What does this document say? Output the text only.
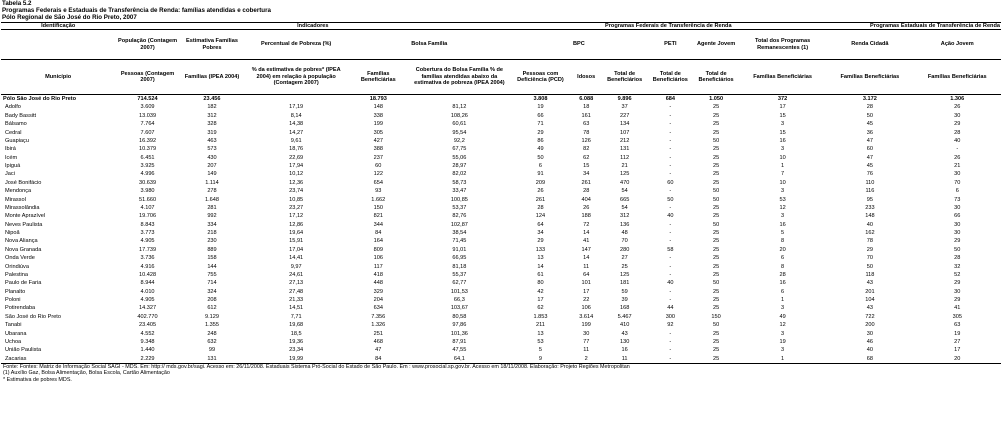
Tabela 5.2
Programas Federais e Estaduais de Transferência de Renda: famílias atendidas e cobertura
Pólo Regional de São José do Rio Preto, 2007
Identificação	Indicadores					Programas Federais de Transferência de Renda						Programas Estaduais de Transferência de Renda	
	População (Contagem 2007)	Estimativa Famílias Pobres	Percentual de Pobreza (%)	Bolsa Família		BPC			PETI	Agente Jovem	Total dos Programas Remanescentes (1)	Renda Cidadã	Ação Jovem
Município	Pessoas (Contagem 2007)	Famílias (IPEA 2004)	% da estimativa de pobres* (IPEA 2004) em relação à população (Contagem 2007)	Famílias Beneficiárias	Cobertura do Bolsa Família % de famílias atendidas abaixo da estimativa de pobreza (IPEA 2004)	Pessoas com Deficiência (PCD)	Idosos	Total de Beneficiários	Total de Beneficiários	Total de Beneficiários	Famílias Beneficiárias	Famílias Beneficiárias	Famílias Beneficiárias
Pólo São José do Rio Preto	714.524	23.456		18.793		3.808	6.088	9.896	684	1.050	372	3.172	1.306
Adolfo	3.609	182	17,19	148	81,12	19	18	37	-	25	17	28	26
Bady Bassitt	13.039	312	8,14	338	108,26	66	161	227	-	25	15	50	30
Bálsamo	7.764	328	14,38	199	60,61	71	63	134	-	25	3	45	29
Cedral	7.607	319	14,27	305	95,54	29	78	107	-	25	15	36	28
Guapiaçu	16.392	463	9,61	427	92,2	86	126	212	-	50	16	47	40
Ibirá	10.379	573	18,76	388	67,75	49	82	131	-	25	3	60	-
Icém	6.451	430	22,69	237	55,06	50	62	112	-	25	10	47	26
Ipiguá	3.925	207	17,94	60	28,97	6	15	21	-	25	1	45	21
Jaci	4.996	149	10,12	122	82,02	91	34	125	-	25	7	76	30
José Bonifácio	30.639	1.114	12,36	654	58,73	209	261	470	60	25	10	110	70
Mendonça	3.980	278	23,74	93	33,47	26	28	54	-	50	3	116	6
Mirassol	51.660	1.648	10,85	1.662	100,85	261	404	665	50	50	53	95	73
Mirassolândia	4.107	281	23,27	150	53,37	28	26	54	-	25	12	233	30
Monte Aprazível	19.706	992	17,12	821	82,76	124	188	312	40	25	3	148	66
Neves Paulista	8.843	334	12,86	344	102,87	64	72	136	-	50	16	40	30
Nipoã	3.773	218	19,64	84	38,54	34	14	48	-	25	5	162	30
Nova Aliança	4.905	230	15,91	164	71,45	29	41	70	-	25	8	78	29
Nova Granada	17.739	889	17,04	809	91,01	133	147	280	58	25	20	29	50
Onda Verde	3.736	158	14,41	106	66,95	13	14	27	-	25	6	70	28
Orindiúva	4.916	144	9,97	117	81,18	14	11	25	-	25	8	50	32
Palestina	10.428	755	24,61	418	55,37	61	64	125	-	25	28	118	52
Paulo de Faria	8.944	714	27,13	448	62,77	80	101	181	40	50	16	43	29
Planalto	4.010	324	27,48	329	101,53	42	17	59	-	25	6	201	30
Poloni	4.905	208	21,33	204	66,3	17	22	39	-	25	1	104	29
Potirendaba	14.327	612	14,51	634	103,67	62	106	168	44	25	3	43	41
São José do Rio Preto	402.770	9.129	7,71	7.356	80,58	1.853	3.614	5.467	300	150	49	722	305
Tanabi	23.405	1.355	19,68	1.326	97,86	211	199	410	92	50	12	200	63
Ubarana	4.552	248	18,5	251	101,36	13	30	43	-	25	3	30	19
Uchoa	9.348	632	19,36	468	87,91	53	77	130	-	25	19	46	27
União Paulista	1.440	99	23,34	47	47,55	5	11	16	-	25	3	40	17
Zacarias	2.229	131	19,99	84	64,1	9	2	11	-	25	1	68	20
Fonte: Fontes: Matriz de Informação Social SAGI - MDS. Em: http:// mds.gov.br/sagi. Acesso em: 26/11/2008. Estaduais Sistema Pró-Social do Estado de São Paulo. Em : www.prosocial.sp.gov.br. Acesso em 18/11/2008. Elaboração: Projeto Regiões Metropolitan
(1) Auxílio Gaz, Bolsa Alimentação, Bolsa Escola, Cartão Alimentação
* Estimativa de pobres MDS.
